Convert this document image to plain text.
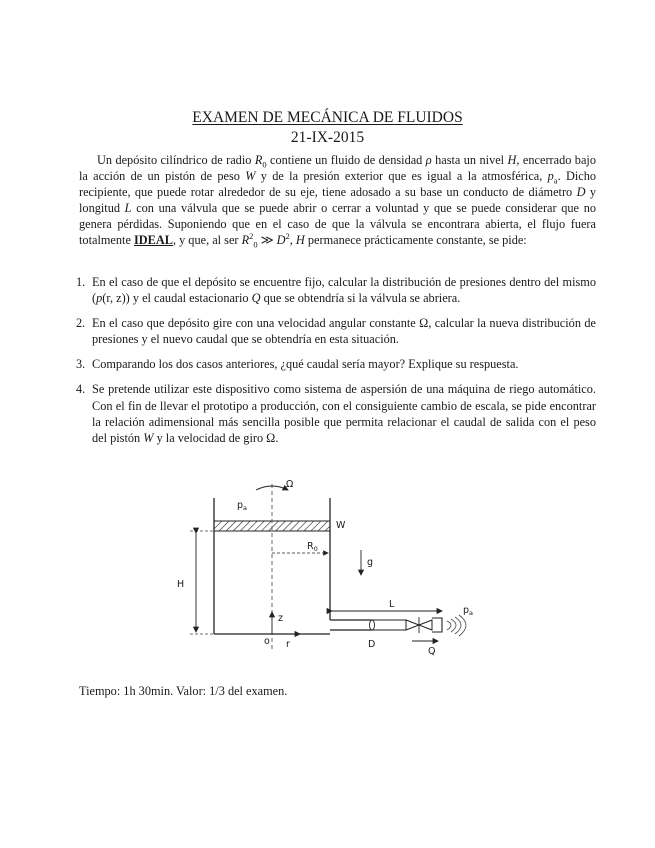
EXAMEN DE MECÁNICA DE FLUIDOS
21-IX-2015

Un depósito cilíndrico de radio $R_0$ contiene un fluido de densidad ρ hasta un nivel H, encerrado bajo la acción de un pistón de peso W y de la presión exterior que es igual a la atmosférica, $p_a$. Dicho recipiente, que puede rotar alrededor de su eje, tiene adosado a su base un conducto de diámetro D y longitud L con una válvula que se puede abrir o cerrar a voluntad y que se puede considerar que no genera pérdidas. Suponiendo que en el caso de que la válvula se encontrara abierta, el flujo fuera totalmente IDEAL, y que, al ser $R^2_0$ ≫ $D^2$, H permanece prácticamente constante, se pide:

1. En el caso de que el depósito se encuentre fijo, calcular la distribución de presiones dentro del mismo (p(r, z)) y el caudal estacionario Q que se obtendría si la válvula se abriera.
2. En el caso que depósito gire con una velocidad angular constante Ω, calcular la nueva distribución de presiones y el nuevo caudal que se obtendría en esta situación.
3. Comparando los dos casos anteriores, ¿qué caudal sería mayor? Explique su respuesta.
4. Se pretende utilizar este dispositivo como sistema de aspersión de una máquina de riego automático. Con el fin de llevar el prototipo a producción, con el consiguiente cambio de escala, se pide encontrar la relación adimensional más sencilla posible que permita relacionar el caudal de salida con el peso del pistón W y la velocidad de giro Ω.
Ω
$p_a$
W
$R_0$
g
H
L
$p_a$
z
o r	D
Q
Tiempo: 1h 30min. Valor: 1/3 del examen.
